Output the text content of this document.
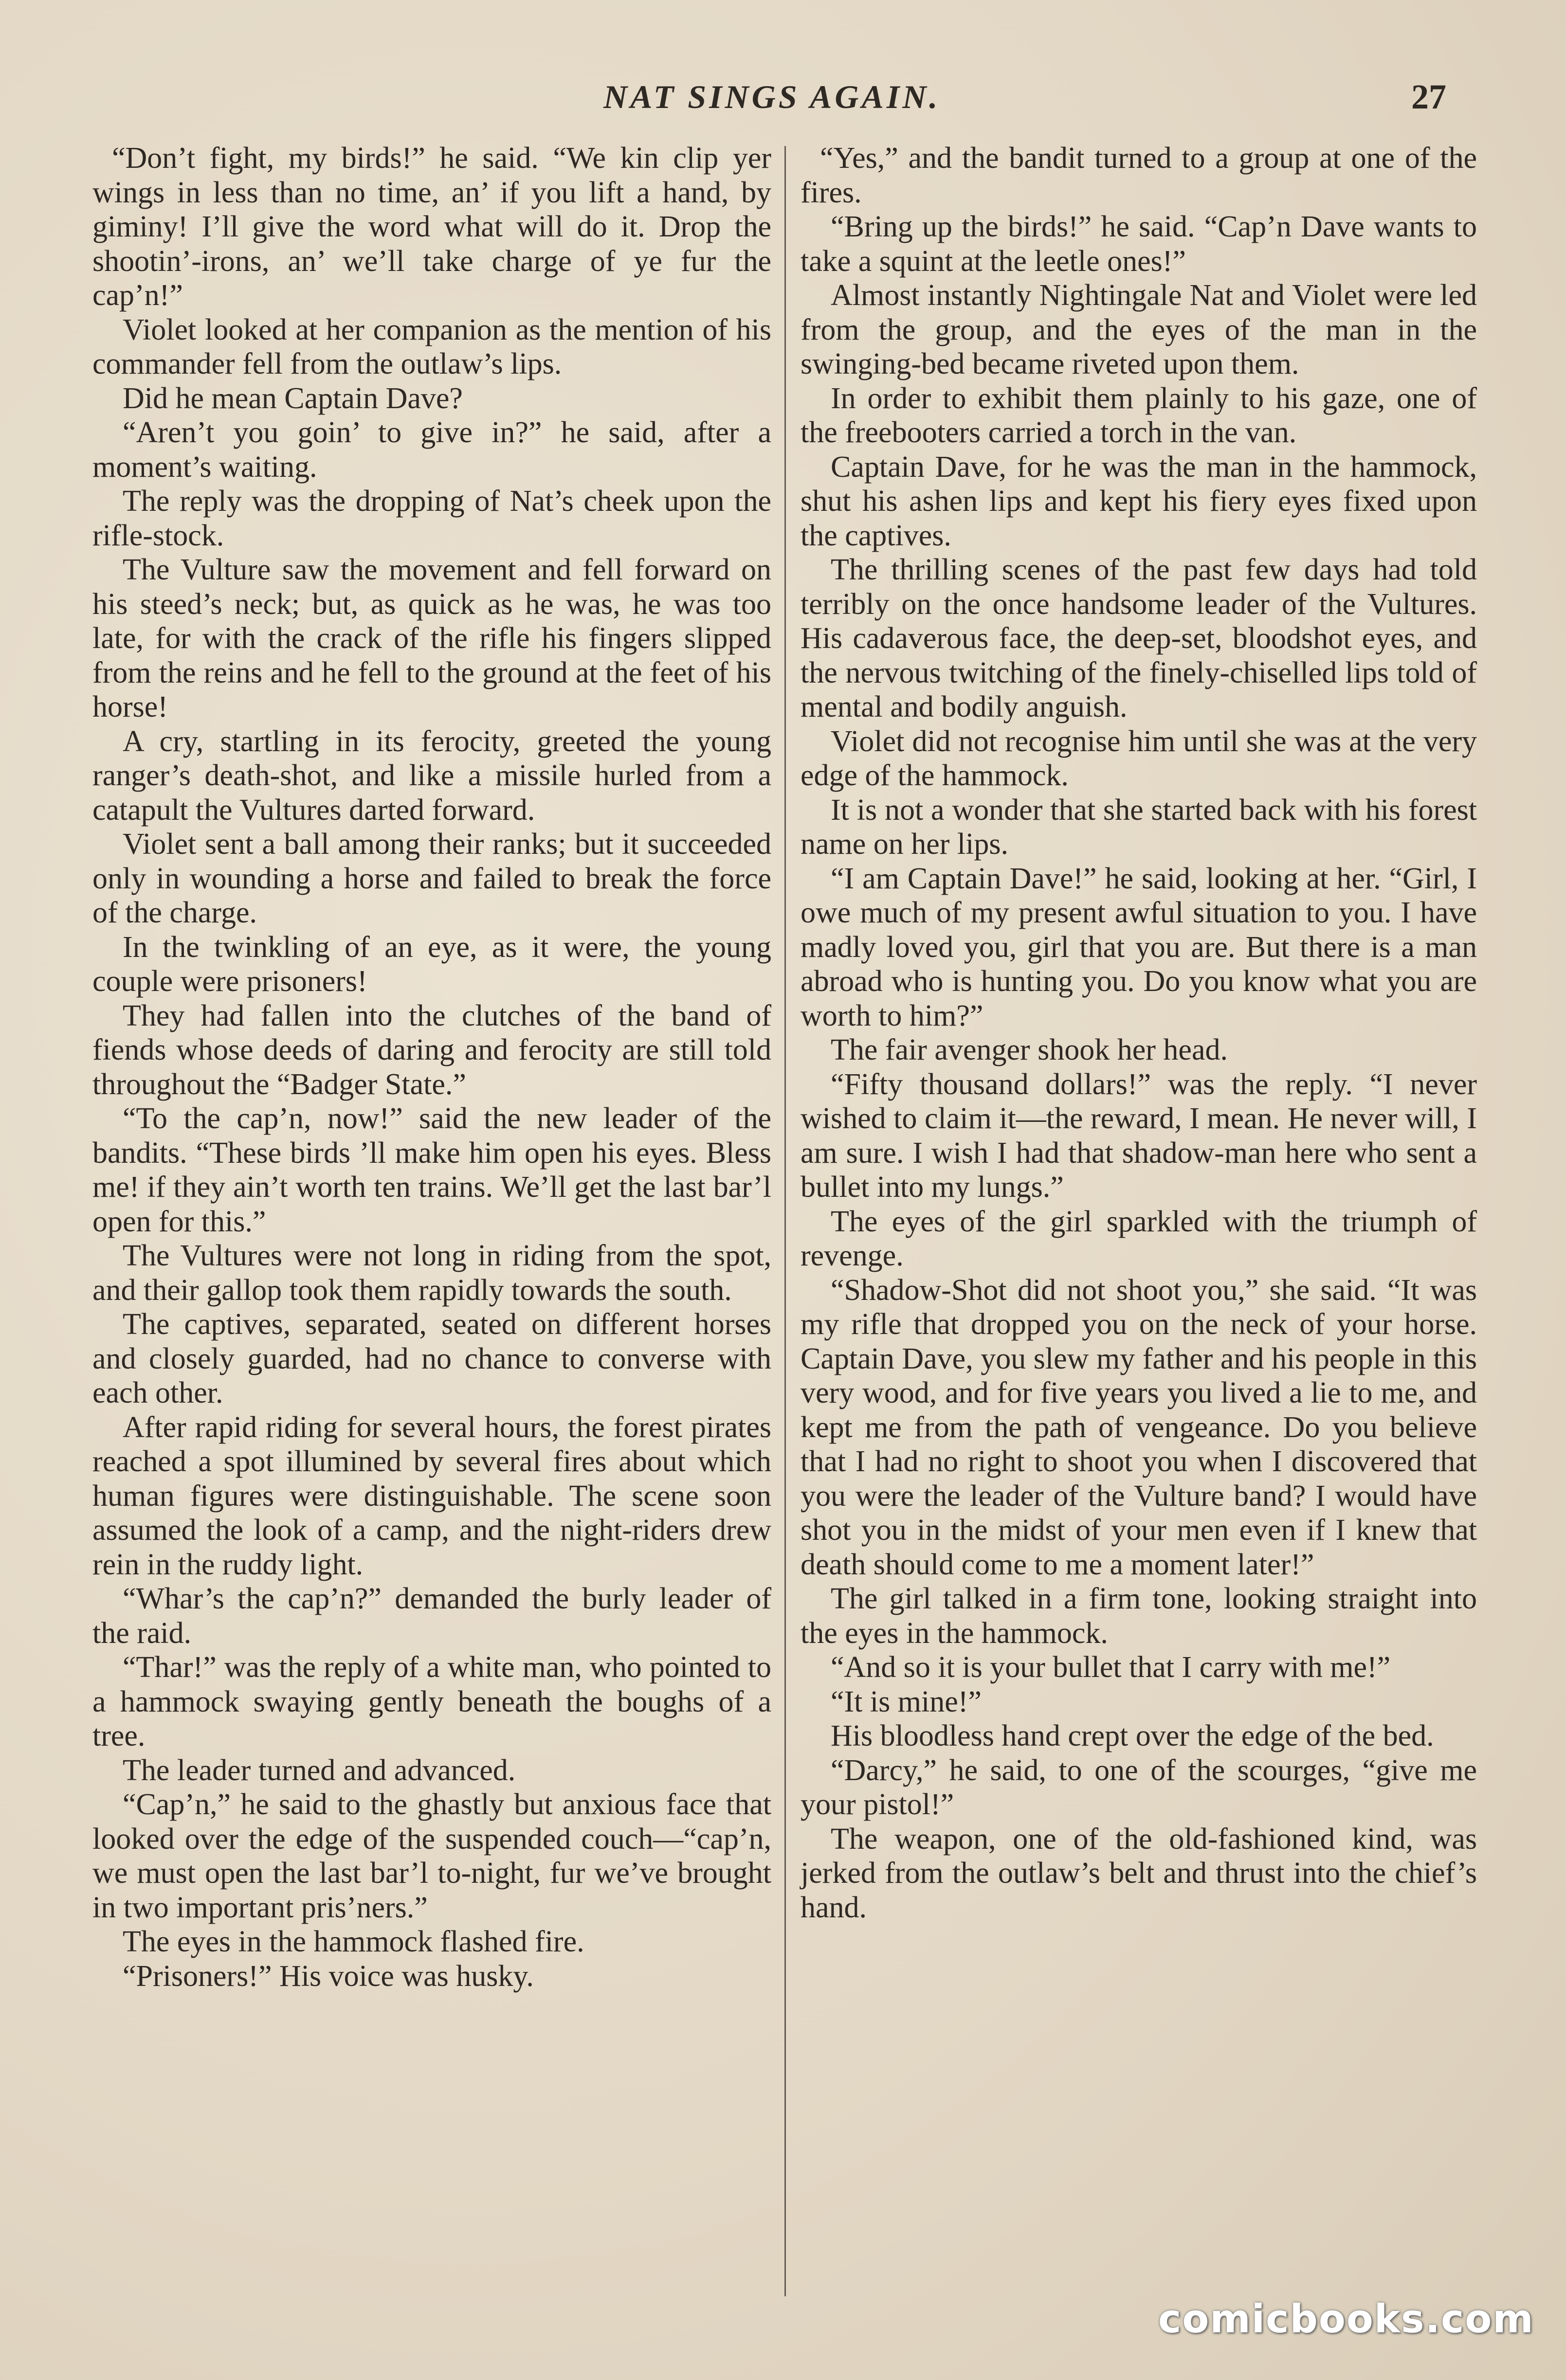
NAT SINGS AGAIN.	27

“Don’t fight, my birds!” he said. “We kin clip yer wings in less than no time, an’ if you lift a hand, by giminy! I’ll give the word what will do it. Drop the shootin’-irons, an’ we’ll take charge of ye fur the cap’n!”

Violet looked at her companion as the mention of his commander fell from the outlaw’s lips.

Did he mean Captain Dave?

“Aren’t you goin’ to give in?” he said, after a moment’s waiting.

The reply was the dropping of Nat’s cheek upon the rifle-stock.

The Vulture saw the movement and fell forward on his steed’s neck; but, as quick as he was, he was too late, for with the crack of the rifle his fingers slipped from the reins and he fell to the ground at the feet of his horse!

A cry, startling in its ferocity, greeted the young ranger’s death-shot, and like a missile hurled from a catapult the Vultures darted forward.

Violet sent a ball among their ranks; but it succeeded only in wounding a horse and failed to break the force of the charge.

In the twinkling of an eye, as it were, the young couple were prisoners!

They had fallen into the clutches of the band of fiends whose deeds of daring and ferocity are still told throughout the “Badger State.”

“To the cap’n, now!” said the new leader of the bandits. “These birds ’ll make him open his eyes. Bless me! if they ain’t worth ten trains. We’ll get the last bar’l open for this.”

The Vultures were not long in riding from the spot, and their gallop took them rapidly towards the south.

The captives, separated, seated on different horses and closely guarded, had no chance to converse with each other.

After rapid riding for several hours, the forest pirates reached a spot illumined by several fires about which human figures were distinguishable. The scene soon assumed the look of a camp, and the night-riders drew rein in the ruddy light.

“Whar’s the cap’n?” demanded the burly leader of the raid.

“Thar!” was the reply of a white man, who pointed to a hammock swaying gently beneath the boughs of a tree.

The leader turned and advanced.

“Cap’n,” he said to the ghastly but anxious face that looked over the edge of the suspended couch—“cap’n, we must open the last bar’l to-night, fur we’ve brought in two important pris’ners.”

The eyes in the hammock flashed fire.

“Prisoners!” His voice was husky.

“Yes,” and the bandit turned to a group at one of the fires.

“Bring up the birds!” he said. “Cap’n Dave wants to take a squint at the leetle ones!”

Almost instantly Nightingale Nat and Violet were led from the group, and the eyes of the man in the swinging-bed became riveted upon them.

In order to exhibit them plainly to his gaze, one of the freebooters carried a torch in the van.

Captain Dave, for he was the man in the hammock, shut his ashen lips and kept his fiery eyes fixed upon the captives.

The thrilling scenes of the past few days had told terribly on the once handsome leader of the Vultures. His cadaverous face, the deep-set, bloodshot eyes, and the nervous twitching of the finely-chiselled lips told of mental and bodily anguish.

Violet did not recognise him until she was at the very edge of the hammock.

It is not a wonder that she started back with his forest name on her lips.

“I am Captain Dave!” he said, looking at her. “Girl, I owe much of my present awful situation to you. I have madly loved you, girl that you are. But there is a man abroad who is hunting you. Do you know what you are worth to him?”

The fair avenger shook her head.

“Fifty thousand dollars!” was the reply. “I never wished to claim it—the reward, I mean. He never will, I am sure. I wish I had that shadow-man here who sent a bullet into my lungs.”

The eyes of the girl sparkled with the triumph of revenge.

“Shadow-Shot did not shoot you,” she said. “It was my rifle that dropped you on the neck of your horse. Captain Dave, you slew my father and his people in this very wood, and for five years you lived a lie to me, and kept me from the path of vengeance. Do you believe that I had no right to shoot you when I discovered that you were the leader of the Vulture band? I would have shot you in the midst of your men even if I knew that death should come to me a moment later!”

The girl talked in a firm tone, looking straight into the eyes in the hammock.

“And so it is your bullet that I carry with me!”

“It is mine!”

His bloodless hand crept over the edge of the bed.

“Darcy,” he said, to one of the scourges, “give me your pistol!”

The weapon, one of the old-fashioned kind, was jerked from the outlaw’s belt and thrust into the chief’s hand.

comicbooks.com
